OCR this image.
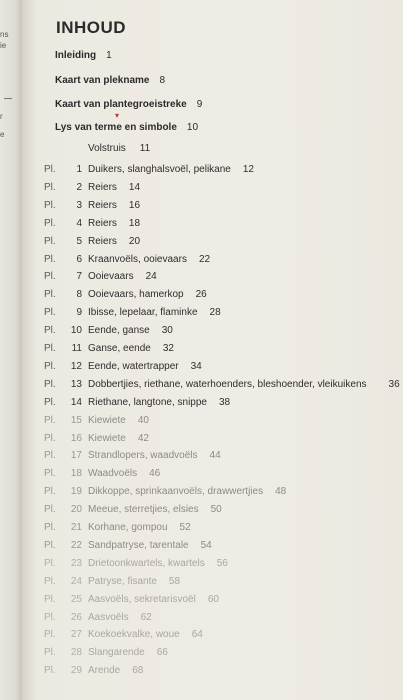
ns
ie
r
e
INHOUD
Inleiding 1
Kaart van plekname 8
Kaart van plantegroeistreke 9
▾
Lys van terme en simbole 10
Volstruis 11
Pl.	1 Duikers, slanghalsvoël, pelikane 12
Pl.	2 Reiers 14
Pl.	3 Reiers 16
Pl.	4 Reiers 18
Pl.	5 Reiers 20
Pl.	6 Kraanvoëls, ooievaars 22
Pl.	7 Ooievaars 24
Pl.	8 Ooievaars, hamerkop 26
Pl.	9 Ibisse, lepelaar, flaminke 28
Pl.	10 Eende, ganse 30
Pl.	11 Ganse, eende 32
Pl.	12 Eende, watertrapper 34
Pl.	13 Dobbertjies, riethane, waterhoenders, bleshoender, vleikuikens 36
Pl.	14 Riethane, langtone, snippe 38
Pl.	15 Kiewiete 40
Pl.	16 Kiewiete 42
Pl.	17 Strandlopers, waadvoëls 44
Pl.	18 Waadvoëls 46
Pl.	19 Dikkoppe, sprinkaanvoëls, drawwertjies 48
Pl.	20 Meeue, sterretjies, elsies 50
Pl.	21 Korhane, gompou 52
Pl.	22 Sandpatryse, tarentale 54
Pl.	23 Drietoonkwartels, kwartels 56
Pl.	24 Patryse, fisante 58
Pl.	25 Aasvoëls, sekretarisvoël 60
Pl.	26 Aasvoëls 62
Pl.	27 Koekoekvalke, woue 64
Pl.	28 Slangarende 66
Pl.	29 Arende 68
